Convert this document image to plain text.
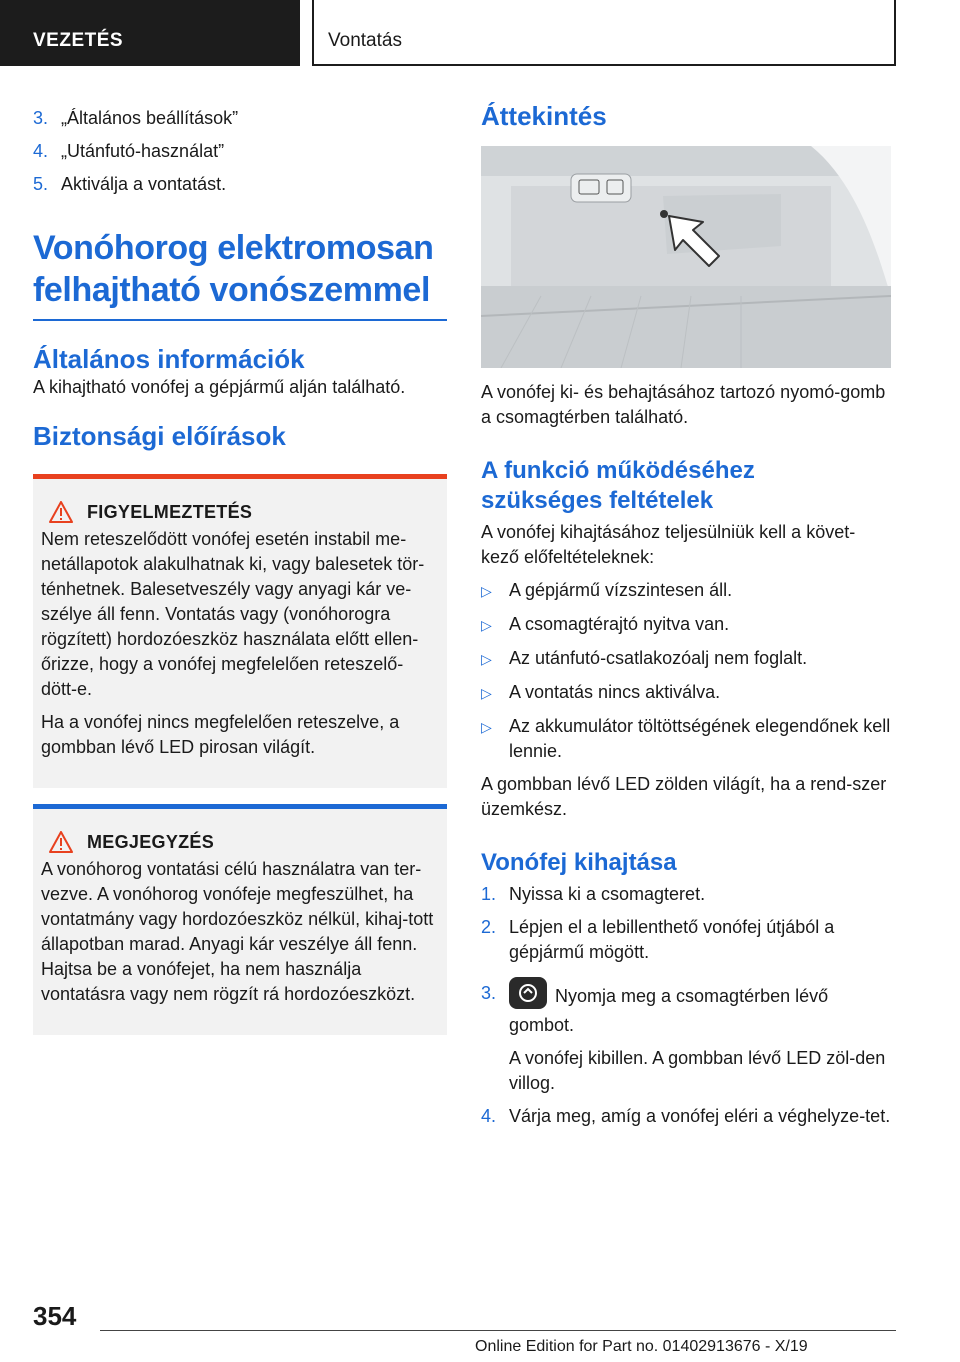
VEZETÉS	Vontatás
3. „Általános beállítások”
4. „Utánfutó-használat”
5. Aktiválja a vontatást.
Vonóhorog elektromosan
felhajtható vonószemmel
Általános információk

A kihajtható vonófej a gépjármű alján található.

Biztonsági előírások
FIGYELMEZTETÉS

Nem reteszelődött vonófej esetén instabil me-netállapotok alakulhatnak ki, vagy balesetek tör-ténhetnek. Balesetveszély vagy anyagi kár ve-szélye áll fenn. Vontatás vagy (vonóhorogra rögzített) hordozóeszköz használata előtt ellen-őrizze, hogy a vonófej megfelelően reteszelő-dött-e.

Ha a vonófej nincs megfelelően reteszelve, a gombban lévő LED pirosan világít.

MEGJEGYZÉS

A vonóhorog vontatási célú használatra van ter-vezve. A vonóhorog vonófeje megfeszülhet, ha vontatmány vagy hordozóeszköz nélkül, kihaj-tott állapotban marad. Anyagi kár veszélye áll fenn. Hajtsa be a vonófejet, ha nem használja vontatásra vagy nem rögzít rá hordozóeszközt.

Áttekintés

A vonófej ki- és behajtásához tartozó nyomó-gomb a csomagtérben található.

A funkció működéséhez
szükséges feltételek

A vonófej kihajtásához teljesülniük kell a követ-kező előfeltételeknek:

▷ A gépjármű vízszintesen áll.
▷ A csomagtérajtó nyitva van.
▷ Az utánfutó-csatlakozóalj nem foglalt.
▷ A vontatás nincs aktiválva.
▷ Az akkumulátor töltöttségének elegendőnek kell lennie.

A gombban lévő LED zölden világít, ha a rend-szer üzemkész.

Vonófej kihajtása
1. Nyissa ki a csomagteret.
2. Lépjen el a lebillenthető vonófej útjából a gépjármű mögött.
3.	Nyomja meg a csomagtérben lévő gombot.
A vonófej kibillen. A gombban lévő LED zöl-den villog.
4. Várja meg, amíg a vonófej eléri a véghelyze-tet.
354
Online Edition for Part no. 01402913676 - X/19
